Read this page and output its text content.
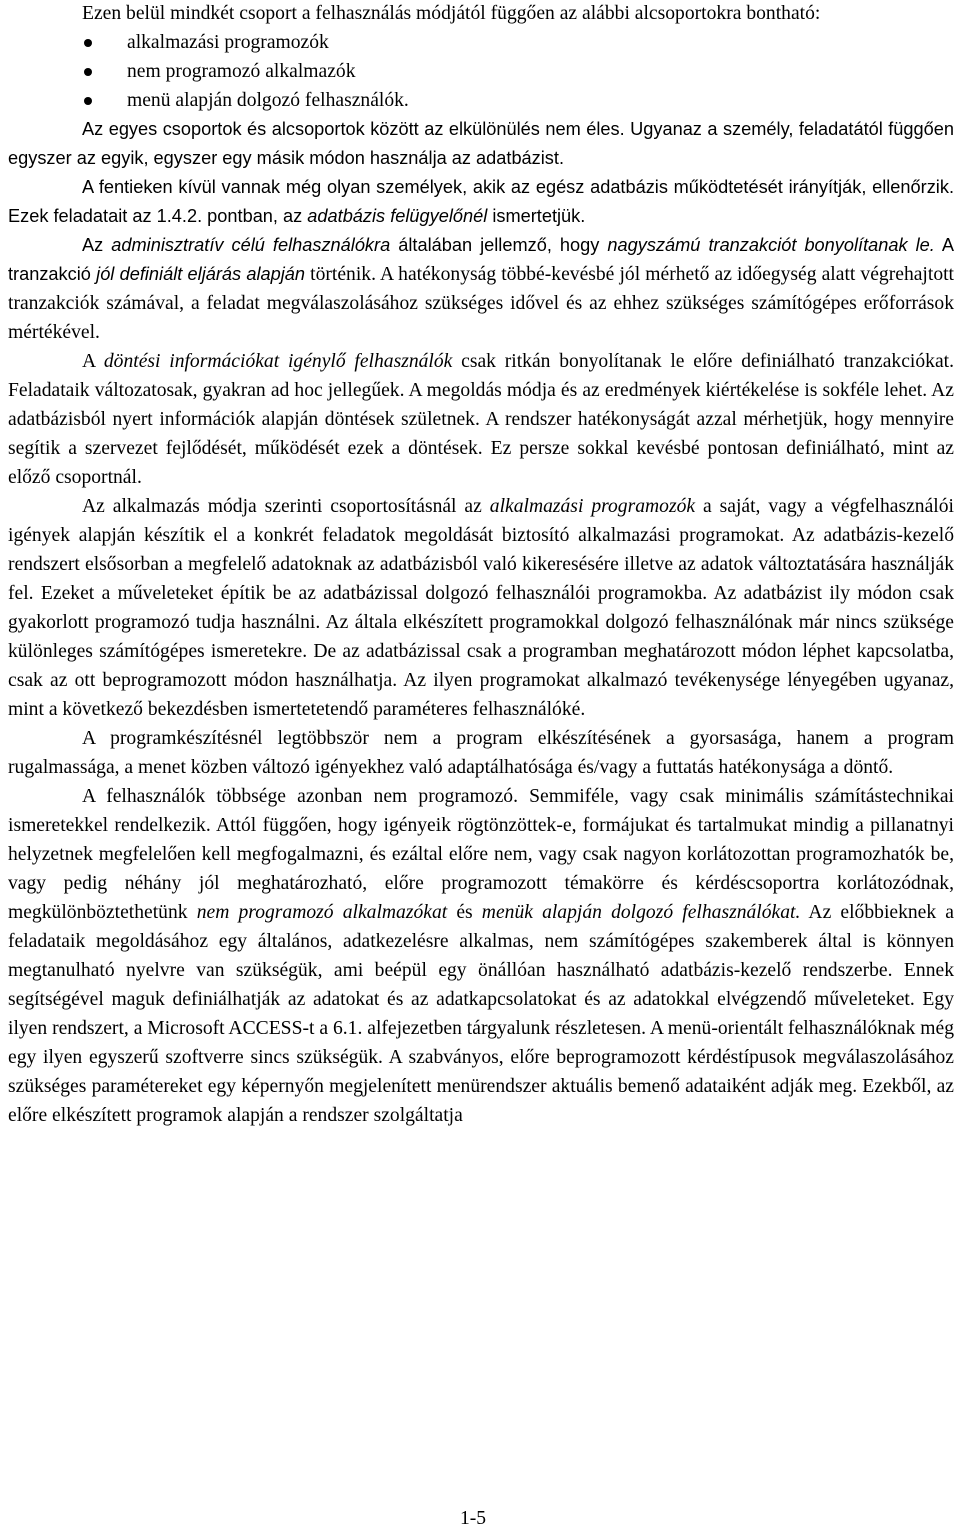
Ezen belül mindkét csoport a felhasználás módjától függően az alábbi alcsoportokra bontható:

alkalmazási programozók
nem programozó alkalmazók
menü alapján dolgozó felhasználók.

Az egyes csoportok és alcsoportok között az elkülönülés nem éles. Ugyanaz a személy, feladatától függően egyszer az egyik, egyszer egy másik módon használja az adatbázist.

A fentieken kívül vannak még olyan személyek, akik az egész adatbázis működtetését irányítják, ellenőrzik. Ezek feladatait az 1.4.2. pontban, az adatbázis felügyelőnél ismertetjük.

Az adminisztratív célú felhasználókra általában jellemző, hogy nagyszámú tranzakciót bonyolítanak le. A tranzakció jól definiált eljárás alapján történik. A hatékonyság többé-kevésbé jól mérhető az időegység alatt végrehajtott tranzakciók számával, a feladat megválaszolásához szükséges idővel és az ehhez szükséges számítógépes erőforrások mértékével.

A döntési információkat igénylő felhasználók csak ritkán bonyolítanak le előre definiálható tranzakciókat. Feladataik változatosak, gyakran ad hoc jellegűek. A megoldás módja és az eredmények kiértékelése is sokféle lehet. Az adatbázisból nyert információk alapján döntések születnek. A rendszer hatékonyságát azzal mérhetjük, hogy mennyire segítik a szervezet fejlődését, működését ezek a döntések. Ez persze sokkal kevésbé pontosan definiálható, mint az előző csoportnál.

Az alkalmazás módja szerinti csoportosításnál az alkalmazási programozók a saját, vagy a végfelhasználói igények alapján készítik el a konkrét feladatok megoldását biztosító alkalmazási programokat. Az adatbázis-kezelő rendszert elsősorban a megfelelő adatoknak az adatbázisból való kikeresésére illetve az adatok változtatására használják fel. Ezeket a műveleteket építik be az adatbázissal dolgozó felhasználói programokba. Az adatbázist ily módon csak gyakorlott programozó tudja használni. Az általa elkészített programokkal dolgozó felhasználónak már nincs szüksége különleges számítógépes ismeretekre. De az adatbázissal csak a programban meghatározott módon léphet kapcsolatba, csak az ott beprogramozott módon használhatja. Az ilyen programokat alkalmazó tevékenysége lényegében ugyanaz, mint a következő bekezdésben ismertetetendő paraméteres felhasználóké.

A programkészítésnél legtöbbször nem a program elkészítésének a gyorsasága, hanem a program rugalmassága, a menet közben változó igényekhez való adaptálhatósága és/vagy a futtatás hatékonysága a döntő.

A felhasználók többsége azonban nem programozó. Semmiféle, vagy csak minimális számítástechnikai ismeretekkel rendelkezik. Attól függően, hogy igényeik rögtönzöttek-e, formájukat és tartalmukat mindig a pillanatnyi helyzetnek megfelelően kell megfogalmazni, és ezáltal előre nem, vagy csak nagyon korlátozottan programozhatók be, vagy pedig néhány jól meghatározható, előre programozott témakörre és kérdéscsoportra korlátozódnak, megkülönböztethetünk nem programozó alkalmazókat és menük alapján dolgozó felhasználókat. Az előbbieknek a feladataik megoldásához egy általános, adatkezelésre alkalmas, nem számítógépes szakemberek által is könnyen megtanulható nyelvre van szükségük, ami beépül egy önállóan használható adatbázis-kezelő rendszerbe. Ennek segítségével maguk definiálhatják az adatokat és az adatkapcsolatokat és az adatokkal elvégzendő műveleteket. Egy ilyen rendszert, a Microsoft ACCESS-t a 6.1. alfejezetben tárgyalunk részletesen. A menü-orientált felhasználóknak még egy ilyen egyszerű szoftverre sincs szükségük. A szabványos, előre beprogramozott kérdéstípusok megválaszolásához szükséges paramétereket egy képernyőn megjelenített menürendszer aktuális bemenő adataiként adják meg. Ezekből, az előre elkészített programok alapján a rendszer szolgáltatja

1-5
